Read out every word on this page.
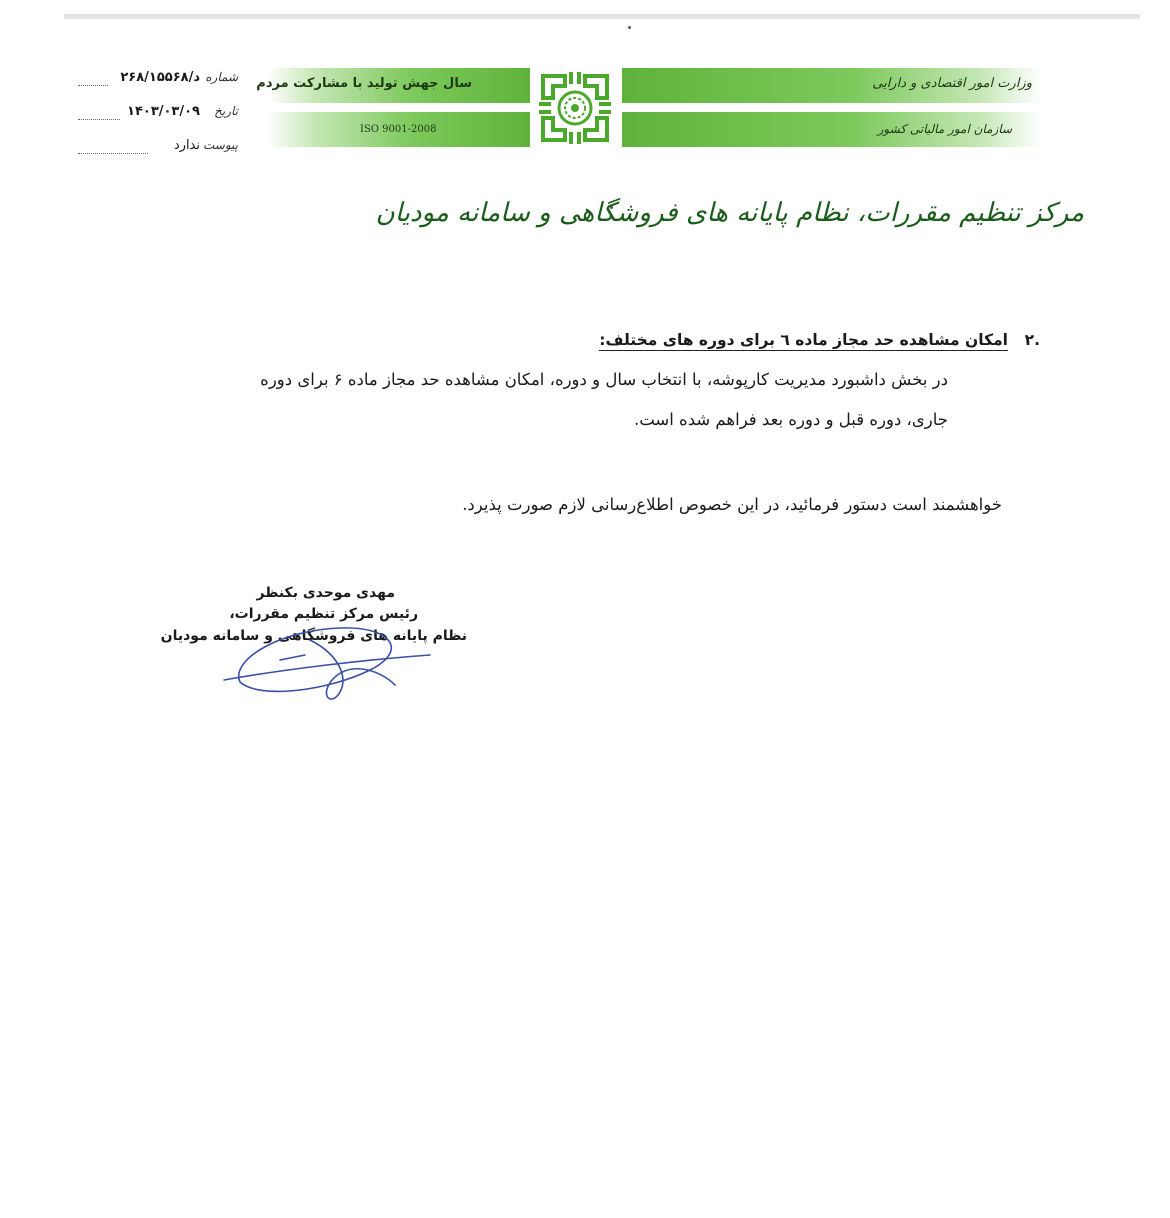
شماره
د/۲۶۸/۱۵۵۶۸
تاریخ
۱۴۰۳/۰۳/۰۹
پیوست
ندارد
سال جهش تولید با مشارکت مردم
ISO 9001-2008
وزارت امور اقتصادی و دارایی
سازمان امور مالیاتی کشور
مرکز تنظیم مقررات، نظام پایانه های فروشگاهی و سامانه مودیان
۲.
امکان مشاهده حد مجاز ماده ٦ برای دوره های مختلف:
در بخش داشبورد مدیریت کارپوشه، با انتخاب سال و دوره، امکان مشاهده حد مجاز ماده ۶ برای دوره
جاری، دوره قبل و دوره بعد فراهم شده است.
خواهشمند است دستور فرمائید، در این خصوص اطلاع‌رسانی لازم صورت پذیرد.
مهدی موحدی بکنظر
رئیس مرکز تنظیم مقررات،
نظام پایانه های فروشگاهی و سامانه مودیان
